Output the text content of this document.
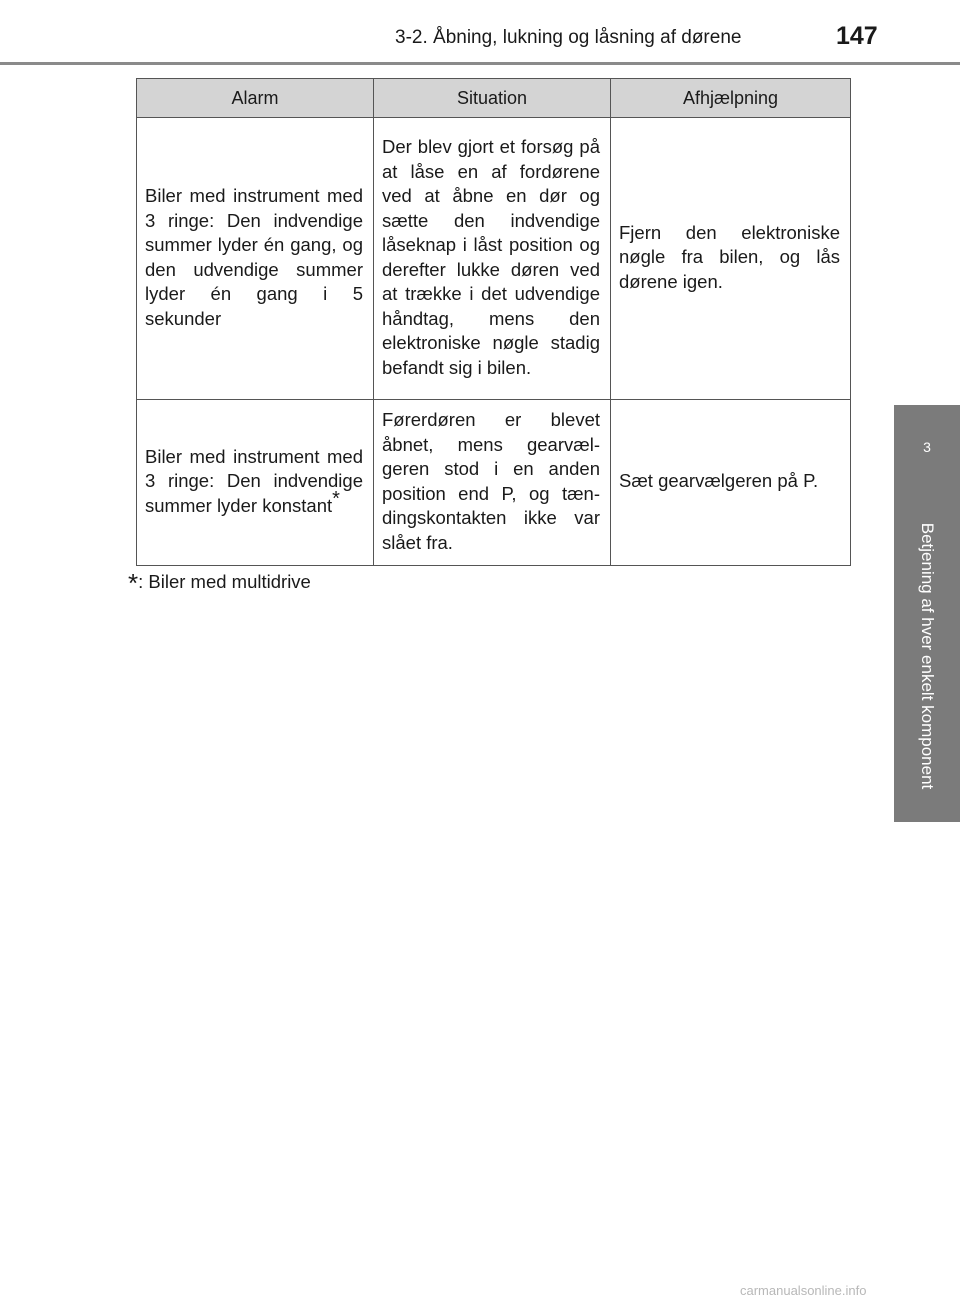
3-2. Åbning, lukning og låsning af dørene	147
3
Betjening af hver enkelt komponent
Alarm	Situation	Afhjælpning
Biler med instrument med 3 ringe: Den indvendige summer lyder én gang, og den udvendige summer lyder én gang i 5 sekunder	Der blev gjort et forsøg på at låse en af fordørene ved at åbne en dør og sætte den indvendige låseknap i låst position og derefter lukke døren ved at trække i det udvendige håndtag, mens den elektroniske nøgle stadig befandt sig i bilen.	Fjern den elektroniske nøgle fra bilen, og lås dørene igen.
Biler med instrument med 3 ringe: Den indvendige summer lyder konstant*	Førerdøren er blevet åbnet, mens gearvælgeren stod i en anden position end P, og tændingskontakten ikke var slået fra.	Sæt gearvælgeren på P.
*: Biler med multidrive
carmanualsonline.info
